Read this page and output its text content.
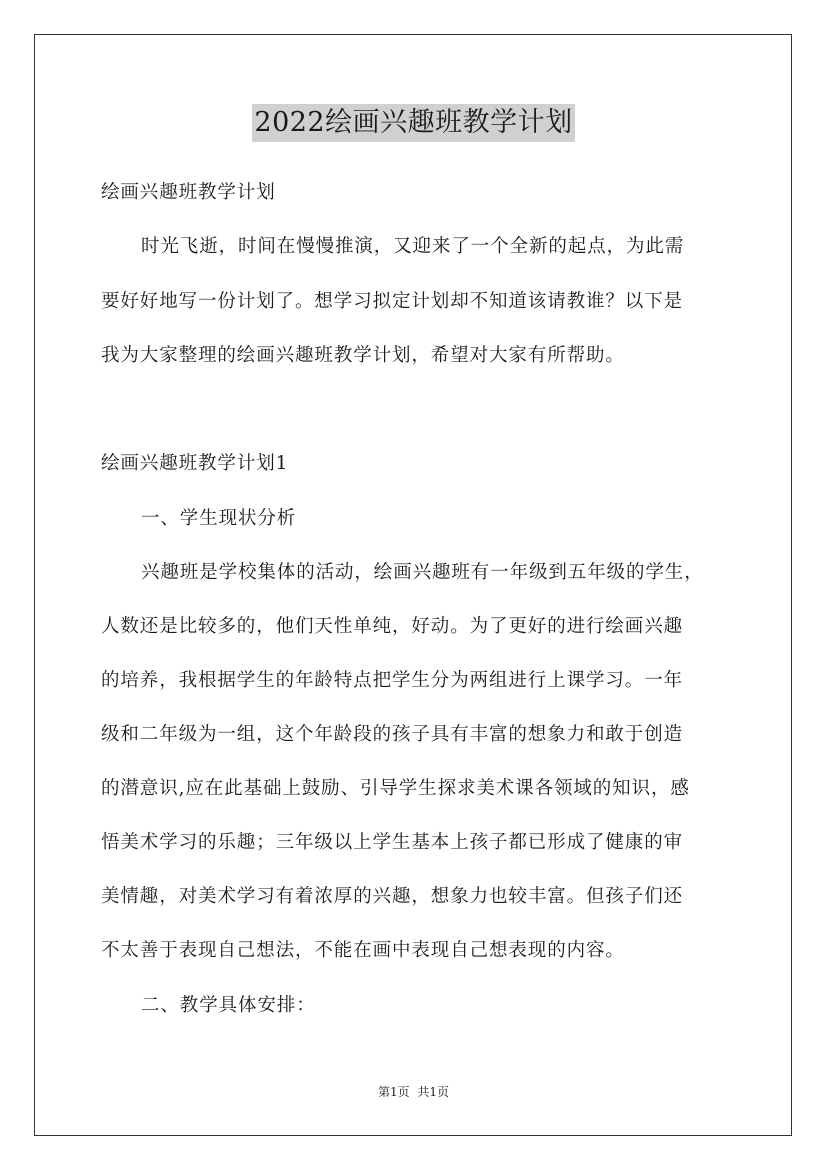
2022绘画兴趣班教学计划
绘画兴趣班教学计划
时光飞逝，时间在慢慢推演，又迎来了一个全新的起点，为此需
要好好地写一份计划了。想学习拟定计划却不知道该请教谁？以下是
我为大家整理的绘画兴趣班教学计划，希望对大家有所帮助。
绘画兴趣班教学计划1
一、学生现状分析
兴趣班是学校集体的活动，绘画兴趣班有一年级到五年级的学生，
人数还是比较多的，他们天性单纯，好动。为了更好的进行绘画兴趣
的培养，我根据学生的年龄特点把学生分为两组进行上课学习。一年
级和二年级为一组，这个年龄段的孩子具有丰富的想象力和敢于创造
的潜意识,应在此基础上鼓励、引导学生探求美术课各领域的知识，感
悟美术学习的乐趣；三年级以上学生基本上孩子都已形成了健康的审
美情趣，对美术学习有着浓厚的兴趣，想象力也较丰富。但孩子们还
不太善于表现自己想法，不能在画中表现自己想表现的内容。
二、教学具体安排：
第1页 共1页
